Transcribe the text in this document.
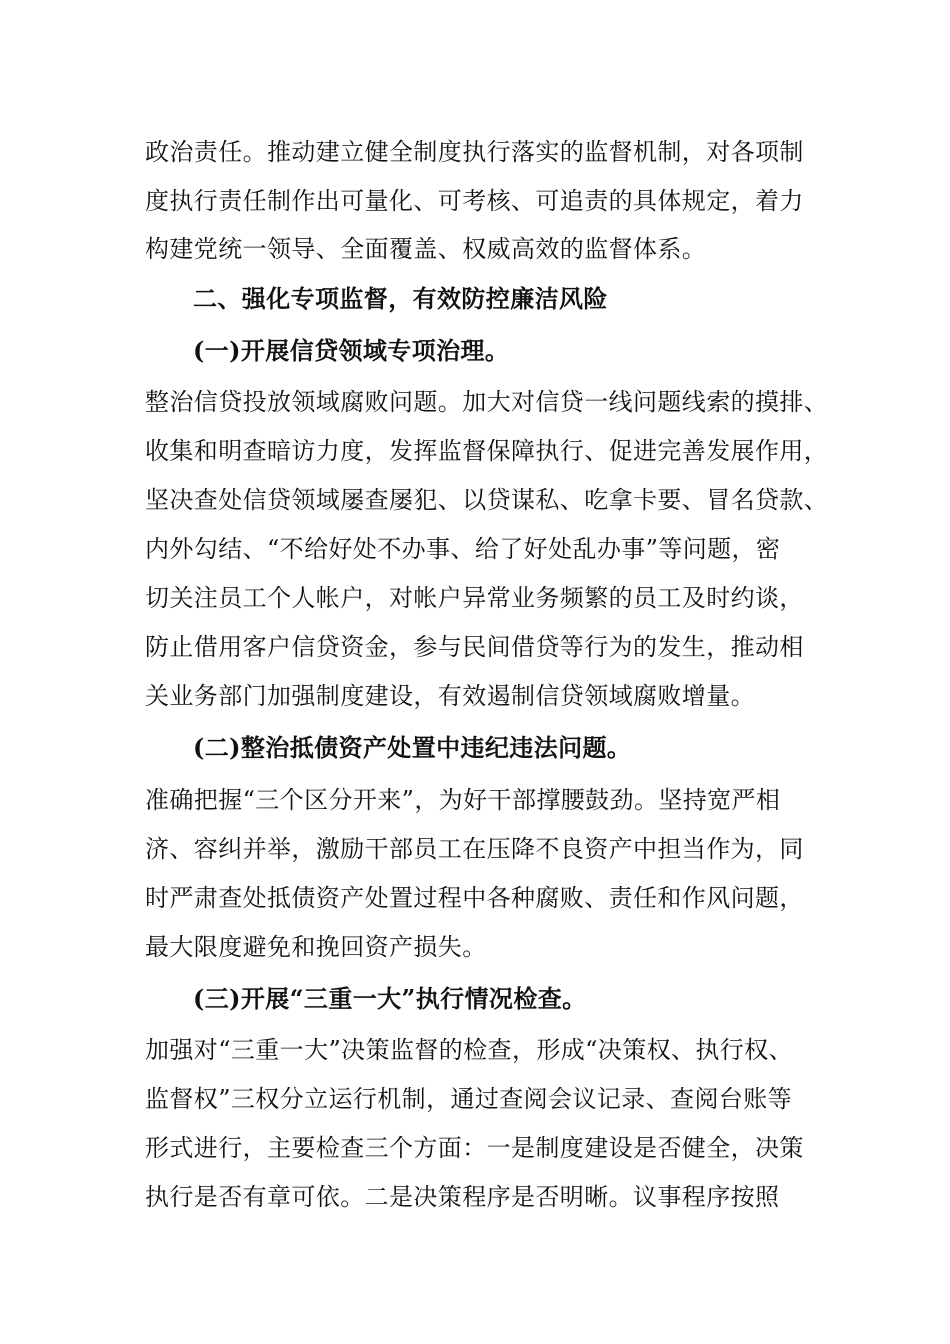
政治责任。推动建立健全制度执行落实的监督机制，对各项制
度执行责任制作出可量化、可考核、可追责的具体规定，着力
构建党统一领导、全面覆盖、权威高效的监督体系。
二、强化专项监督，有效防控廉洁风险
(一)开展信贷领域专项治理。
整治信贷投放领域腐败问题。加大对信贷一线问题线索的摸排、
收集和明查暗访力度，发挥监督保障执行、促进完善发展作用，
坚决查处信贷领域屡查屡犯、以贷谋私、吃拿卡要、冒名贷款、
内外勾结、“不给好处不办事、给了好处乱办事”等问题，密
切关注员工个人帐户，对帐户异常业务频繁的员工及时约谈，
防止借用客户信贷资金，参与民间借贷等行为的发生，推动相
关业务部门加强制度建设，有效遏制信贷领域腐败增量。
(二)整治抵债资产处置中违纪违法问题。
准确把握“三个区分开来”，为好干部撑腰鼓劲。坚持宽严相
济、容纠并举，激励干部员工在压降不良资产中担当作为，同
时严肃查处抵债资产处置过程中各种腐败、责任和作风问题，
最大限度避免和挽回资产损失。
(三)开展“三重一大”执行情况检查。
加强对“三重一大”决策监督的检查，形成“决策权、执行权、
监督权”三权分立运行机制，通过查阅会议记录、查阅台账等
形式进行，主要检查三个方面：一是制度建设是否健全，决策
执行是否有章可依。二是决策程序是否明晰。议事程序按照
